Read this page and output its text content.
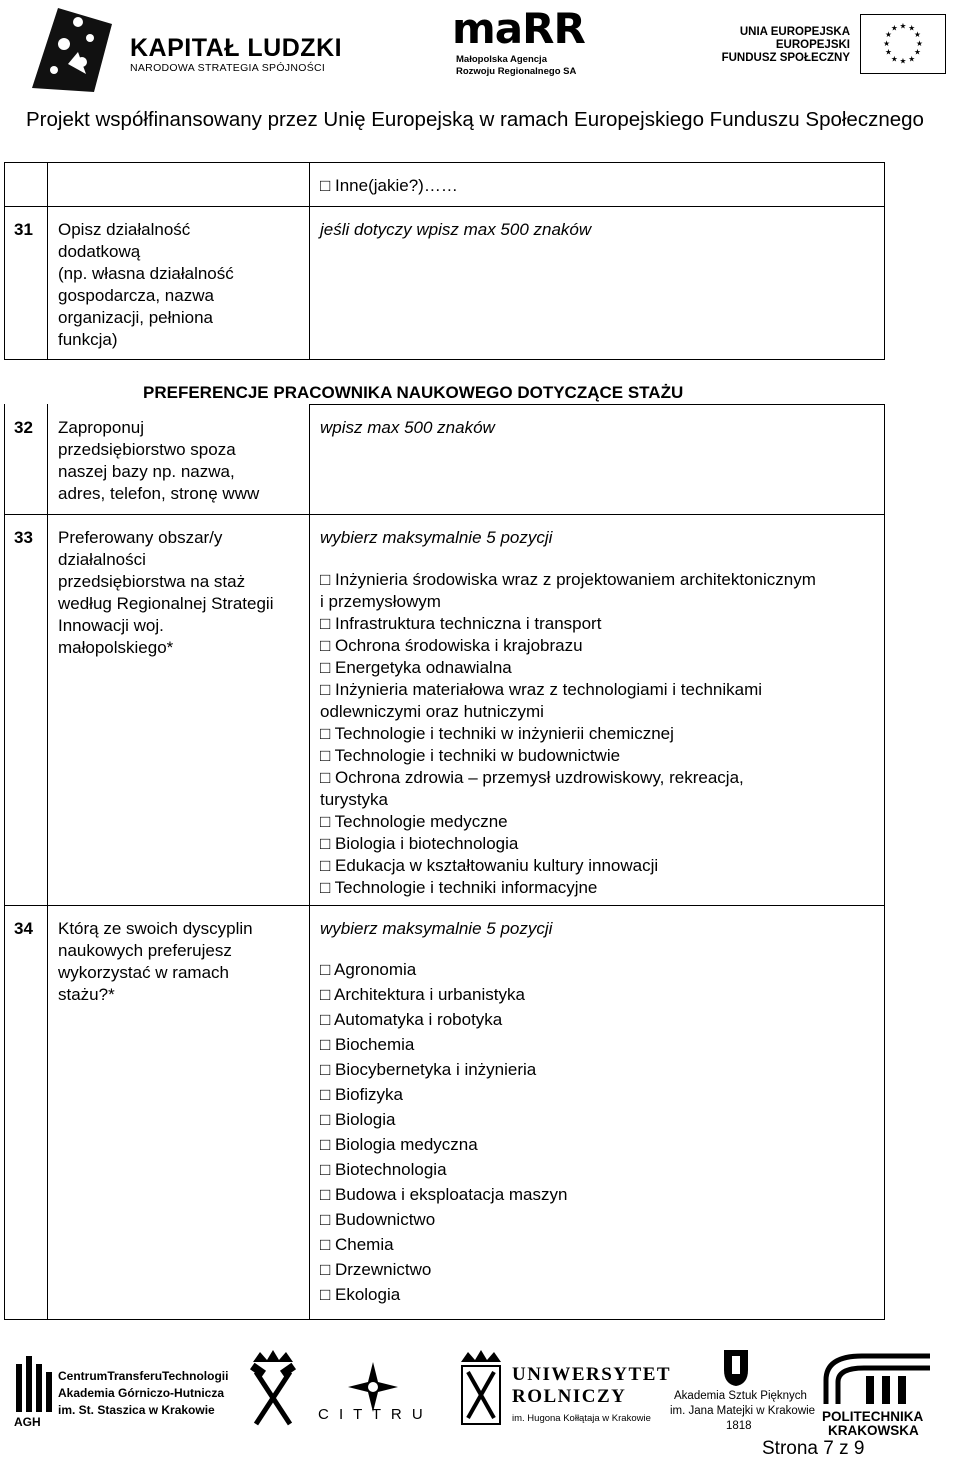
KAPITAŁ LUDZKI
NARODOWA STRATEGIA SPÓJNOŚCI
maRR
Małopolska Agencja
Rozwoju Regionalnego SA
UNIA EUROPEJSKA
EUROPEJSKI
FUNDUSZ SPOŁECZNY
★ ★
★
★
★
★
★
★
★
★
★
★
Projekt współfinansowany przez Unię Europejską w ramach Europejskiego Funduszu Społecznego
□ Inne(jakie?)……
31 Opisz działalność
dodatkową
(np. własna działalność
gospodarcza, nazwa
organizacji, pełniona
funkcja)
jeśli dotyczy wpisz max 500 znaków
PREFERENCJE PRACOWNIKA NAUKOWEGO DOTYCZĄCE STAŻU
32 Zaproponuj
przedsiębiorstwo spoza
naszej bazy np. nazwa,
adres, telefon, stronę www
wpisz max 500 znaków
33 Preferowany obszar/y
działalności
przedsiębiorstwa na staż
według Regionalnej Strategii
Innowacji woj.
małopolskiego*
wybierz maksymalnie 5 pozycji
□ Inżynieria środowiska wraz z projektowaniem architektonicznym
i przemysłowym
□ Infrastruktura techniczna i transport
□ Ochrona środowiska i krajobrazu
□ Energetyka odnawialna
□ Inżynieria materiałowa wraz z technologiami i technikami
odlewniczymi oraz hutniczymi
□ Technologie i techniki w inżynierii chemicznej
□ Technologie i techniki w budownictwie
□ Ochrona zdrowia – przemysł uzdrowiskowy, rekreacja,
turystyka
□ Technologie medyczne
□ Biologia i biotechnologia
□ Edukacja w kształtowaniu kultury innowacji
□ Technologie i techniki informacyjne
34 Którą ze swoich dyscyplin
naukowych preferujesz
wykorzystać w ramach
stażu?*
wybierz maksymalnie 5 pozycji
□ Agronomia
□ Architektura i urbanistyka
□ Automatyka i robotyka
□ Biochemia
□ Biocybernetyka i inżynieria
□ Biofizyka
□ Biologia
□ Biologia medyczna
□ Biotechnologia
□ Budowa i eksploatacja maszyn
□ Budownictwo
□ Chemia
□ Drzewnictwo
□ Ekologia
AGH
CentrumTransferuTechnologii
Akademia Górniczo-Hutnicza
im. St. Staszica w Krakowie	C I T T R U
UNIWERSYTET
ROLNICZY
im. Hugona Kołłątaja w Krakowie
Akademia Sztuk Pięknych
im. Jana Matejki w Krakowie
1818
POLITECHNIKA
KRAKOWSKA
Strona 7 z 9
